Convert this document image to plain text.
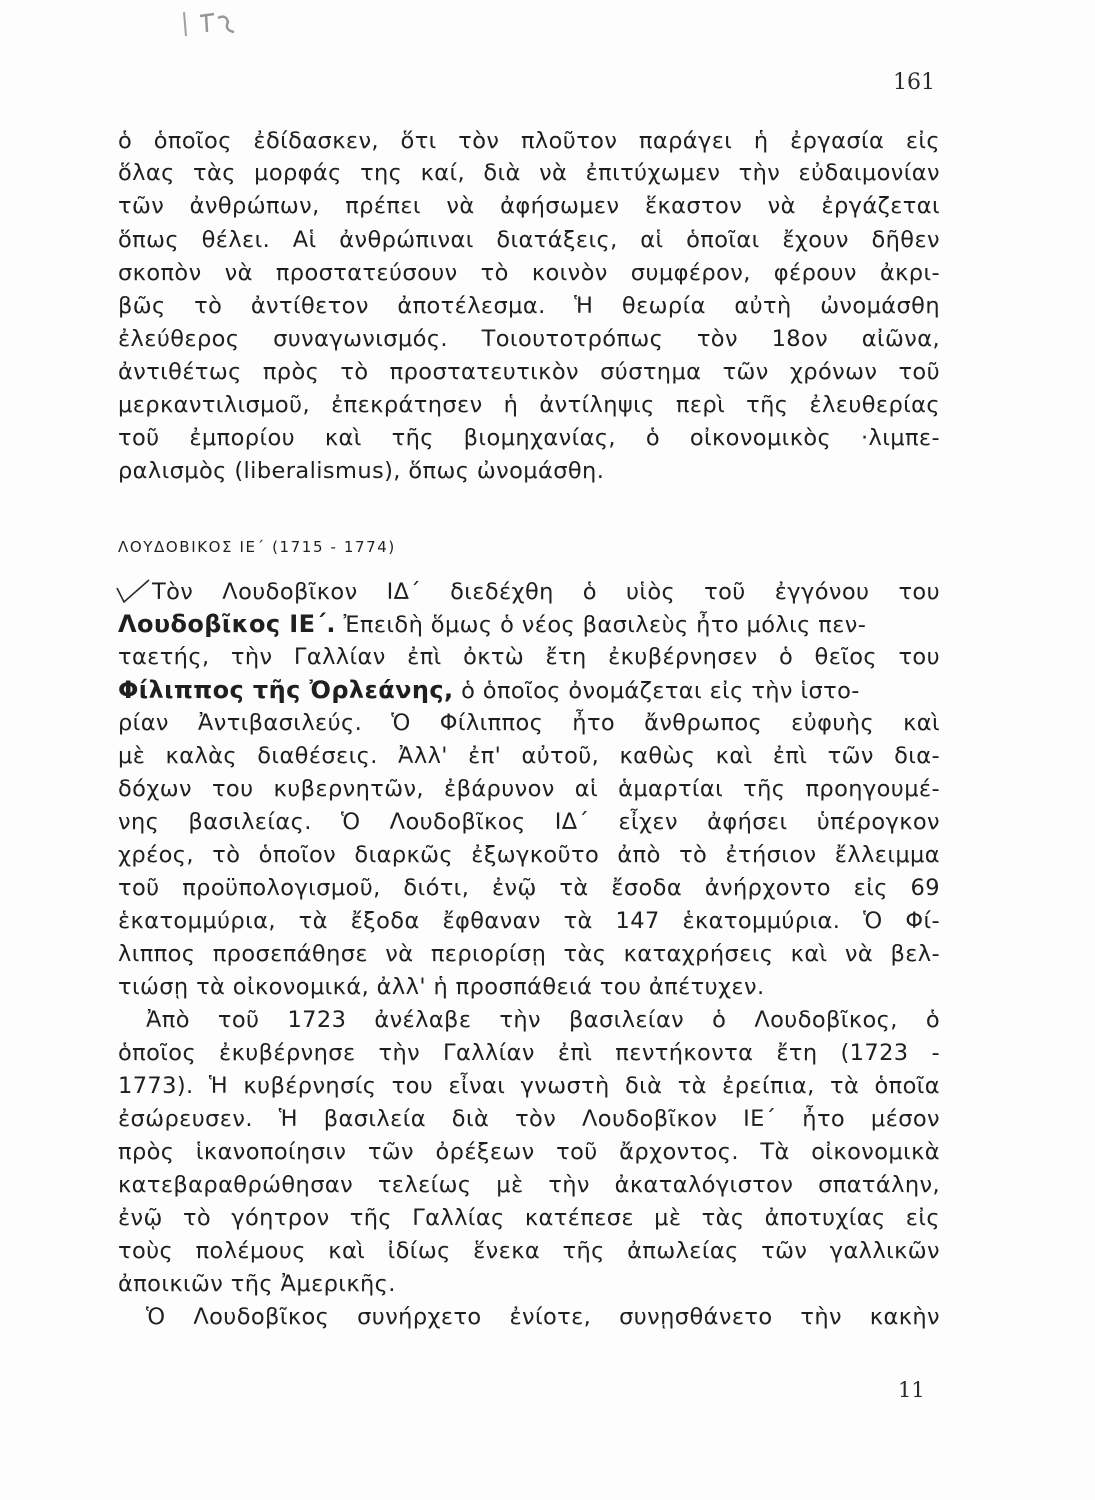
161
ὁ ὁποῖος ἐδίδασκεν, ὅτι τὸν πλοῦτον παράγει ἡ ἐργασία εἰς
ὅλας τὰς μορφάς της καί, διὰ νὰ ἐπιτύχωμεν τὴν εὐδαιμονίαν
τῶν ἀνθρώπων, πρέπει νὰ ἀφήσωμεν ἕκαστον νὰ ἐργάζεται
ὅπως θέλει. Αἱ ἀνθρώπιναι διατάξεις, αἱ ὁποῖαι ἔχουν δῆθεν
σκοπὸν νὰ προστατεύσουν τὸ κοινὸν συμφέρον, φέρουν ἀκρι-
βῶς τὸ ἀντίθετον ἀποτέλεσμα. Ἡ θεωρία αὐτὴ ὠνομάσθη
ἐλεύθερος συναγωνισμός. Τοιουτοτρόπως τὸν 18ον αἰῶνα,
ἀντιθέτως πρὸς τὸ προστατευτικὸν σύστημα τῶν χρόνων τοῦ
μερκαντιλισμοῦ, ἐπεκράτησεν ἡ ἀντίληψις περὶ τῆς ἐλευθερίας
τοῦ ἐμπορίου καὶ τῆς βιομηχανίας, ὁ οἰκονομικὸς ·λιμπε-
ραλισμὸς (liberalismus), ὅπως ὠνομάσθη.
ΛΟΥΔΟΒΙΚΟΣ ΙΕ΄ (1715 - 1774)
Τὸν Λουδοβῖκον ΙΔ΄ διεδέχθη ὁ υἱὸς τοῦ ἐγγόνου του
Λουδοβῖκος ΙΕ΄. Ἐπειδὴ ὅμως ὁ νέος βασιλεὺς ἦτο μόλις πεν-
ταετής, τὴν Γαλλίαν ἐπὶ ὀκτὼ ἔτη ἐκυβέρνησεν ὁ θεῖος του
Φίλιππος τῆς Ὀρλεάνης, ὁ ὁποῖος ὀνομάζεται εἰς τὴν ἱστο-
ρίαν Ἀντιβασιλεύς. Ὁ Φίλιππος ἦτο ἄνθρωπος εὐφυὴς καὶ
μὲ καλὰς διαθέσεις. Ἀλλ' ἐπ' αὐτοῦ, καθὼς καὶ ἐπὶ τῶν δια-
δόχων του κυβερνητῶν, ἐβάρυνον αἱ ἁμαρτίαι τῆς προηγουμέ-
νης βασιλείας. Ὁ Λουδοβῖκος ΙΔ΄ εἶχεν ἀφήσει ὑπέρογκον
χρέος, τὸ ὁποῖον διαρκῶς ἐξωγκοῦτο ἀπὸ τὸ ἐτήσιον ἔλλειμμα
τοῦ προϋπολογισμοῦ, διότι, ἐνῷ τὰ ἔσοδα ἀνήρχοντο εἰς 69
ἑκατομμύρια, τὰ ἔξοδα ἔφθαναν τὰ 147 ἑκατομμύρια. Ὁ Φί-
λιππος προσεπάθησε νὰ περιορίσῃ τὰς καταχρήσεις καὶ νὰ βελ-
τιώσῃ τὰ οἰκονομικά, ἀλλ' ἡ προσπάθειά του ἀπέτυχεν.
Ἀπὸ τοῦ 1723 ἀνέλαβε τὴν βασιλείαν ὁ Λουδοβῖκος, ὁ
ὁποῖος ἐκυβέρνησε τὴν Γαλλίαν ἐπὶ πεντήκοντα ἔτη (1723 -
1773). Ἡ κυβέρνησίς του εἶναι γνωστὴ διὰ τὰ ἐρείπια, τὰ ὁποῖα
ἐσώρευσεν. Ἡ βασιλεία διὰ τὸν Λουδοβῖκον ΙΕ΄ ἦτο μέσον
πρὸς ἱκανοποίησιν τῶν ὀρέξεων τοῦ ἄρχοντος. Τὰ οἰκονομικὰ
κατεβαραθρώθησαν τελείως μὲ τὴν ἀκαταλόγιστον σπατάλην,
ἐνῷ τὸ γόητρον τῆς Γαλλίας κατέπεσε μὲ τὰς ἀποτυχίας εἰς
τοὺς πολέμους καὶ ἰδίως ἕνεκα τῆς ἀπωλείας τῶν γαλλικῶν
ἀποικιῶν τῆς Ἀμερικῆς.
Ὁ Λουδοβῖκος συνήρχετο ἐνίοτε, συνῃσθάνετο τὴν κακὴν
11
